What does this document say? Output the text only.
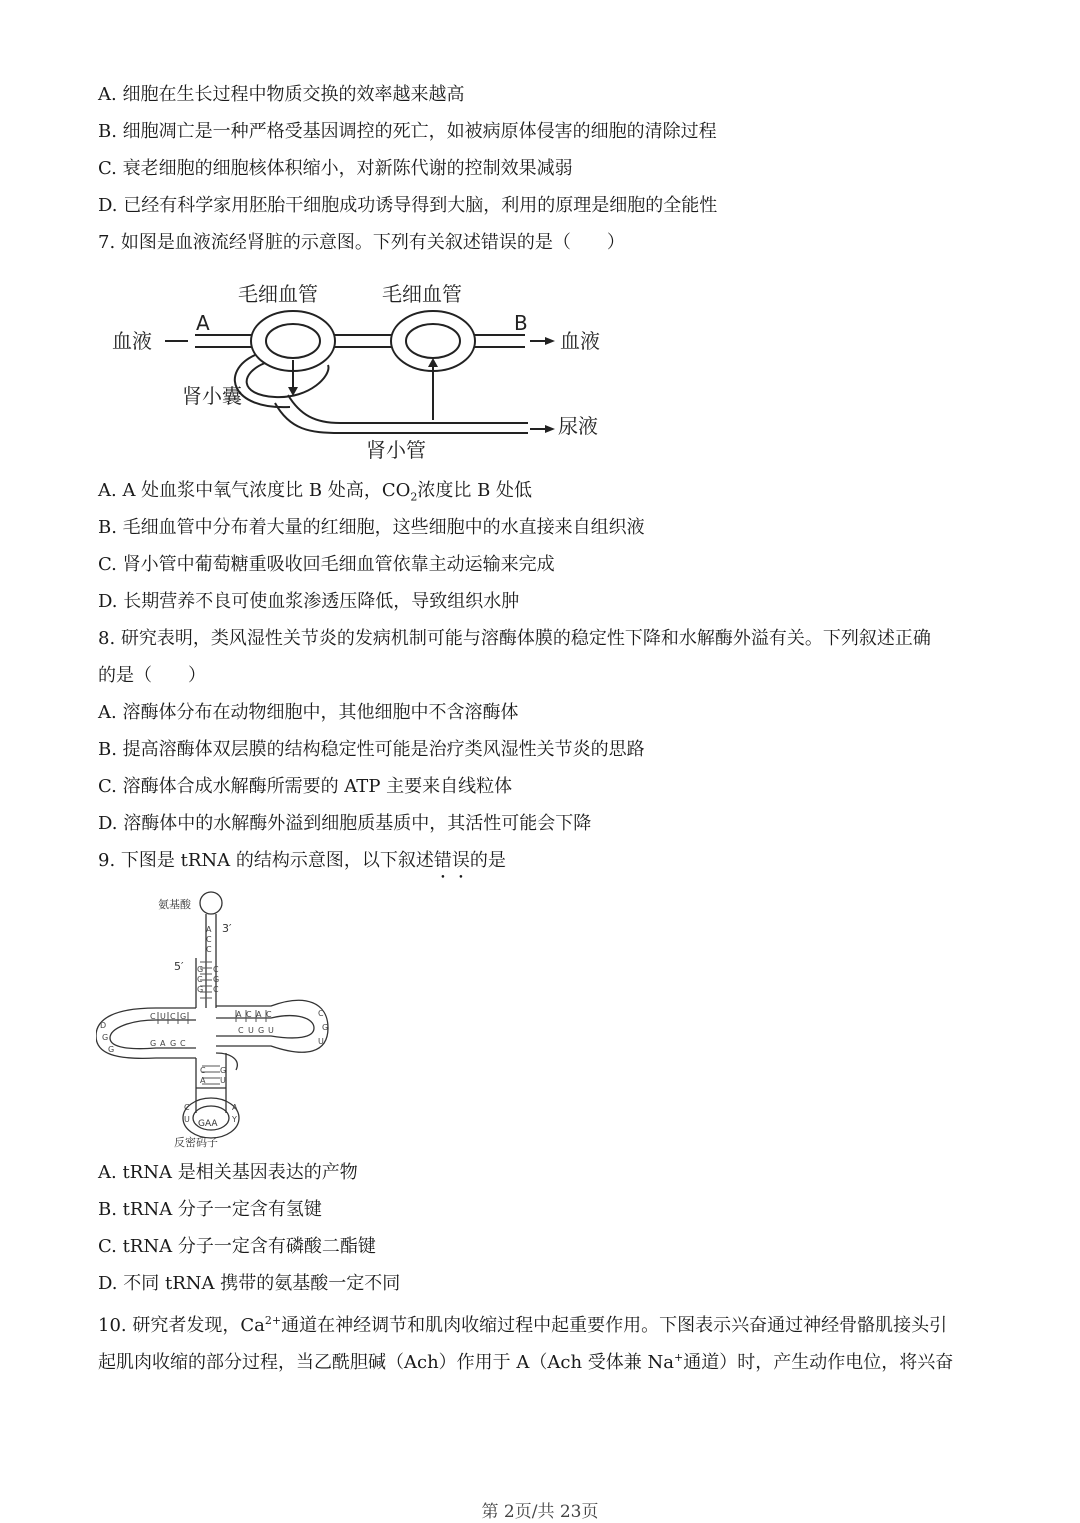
A. 细胞在生长过程中物质交换的效率越来越高
B. 细胞凋亡是一种严格受基因调控的死亡，如被病原体侵害的细胞的清除过程
C. 衰老细胞的细胞核体积缩小，对新陈代谢的控制效果减弱
D. 已经有科学家用胚胎干细胞成功诱导得到大脑，利用的原理是细胞的全能性
7. 如图是血液流经肾脏的示意图。下列有关叙述错误的是（　　）
毛细血管	毛细血管
血液	血液
A	B
肾小囊
肾小管
尿液
A. A 处血浆中氧气浓度比 B 处高，$CO_2$浓度比 B 处低
B. 毛细血管中分布着大量的红细胞，这些细胞中的水直接来自组织液
C. 肾小管中葡萄糖重吸收回毛细血管依靠主动运输来完成
D. 长期营养不良可使血浆渗透压降低，导致组织水肿
8. 研究表明，类风湿性关节炎的发病机制可能与溶酶体膜的稳定性下降和水解酶外溢有关。下列叙述正确
的是（　　）
A. 溶酶体分布在动物细胞中，其他细胞中不含溶酶体
B. 提高溶酶体双层膜的结构稳定性可能是治疗类风湿性关节炎的思路
C. 溶酶体合成水解酶所需要的 ATP 主要来自线粒体
D. 溶酶体中的水解酶外溢到细胞质基质中，其活性可能会下降
9. 下图是 tRNA 的结构示意图，以下叙述错误的是
A
C
C
G
C
G
C
G
C
D
G
G
C U C G
G A G C
A C A C
C U G U
C
G
U
C
A
G
U
C
U
A
Y
氨基酸
3′
5′
GAA
反密码子
A. tRNA 是相关基因表达的产物
B. tRNA 分子一定含有氢键
C. tRNA 分子一定含有磷酸二酯键
D. 不同 tRNA 携带的氨基酸一定不同
10. 研究者发现，$Ca^{2+}$通道在神经调节和肌肉收缩过程中起重要作用。下图表示兴奋通过神经骨骼肌接头引
起肌肉收缩的部分过程，当乙酰胆碱（Ach）作用于 A（Ach 受体兼 Na+通道）时，产生动作电位，将兴奋
第 2页/共 23页
